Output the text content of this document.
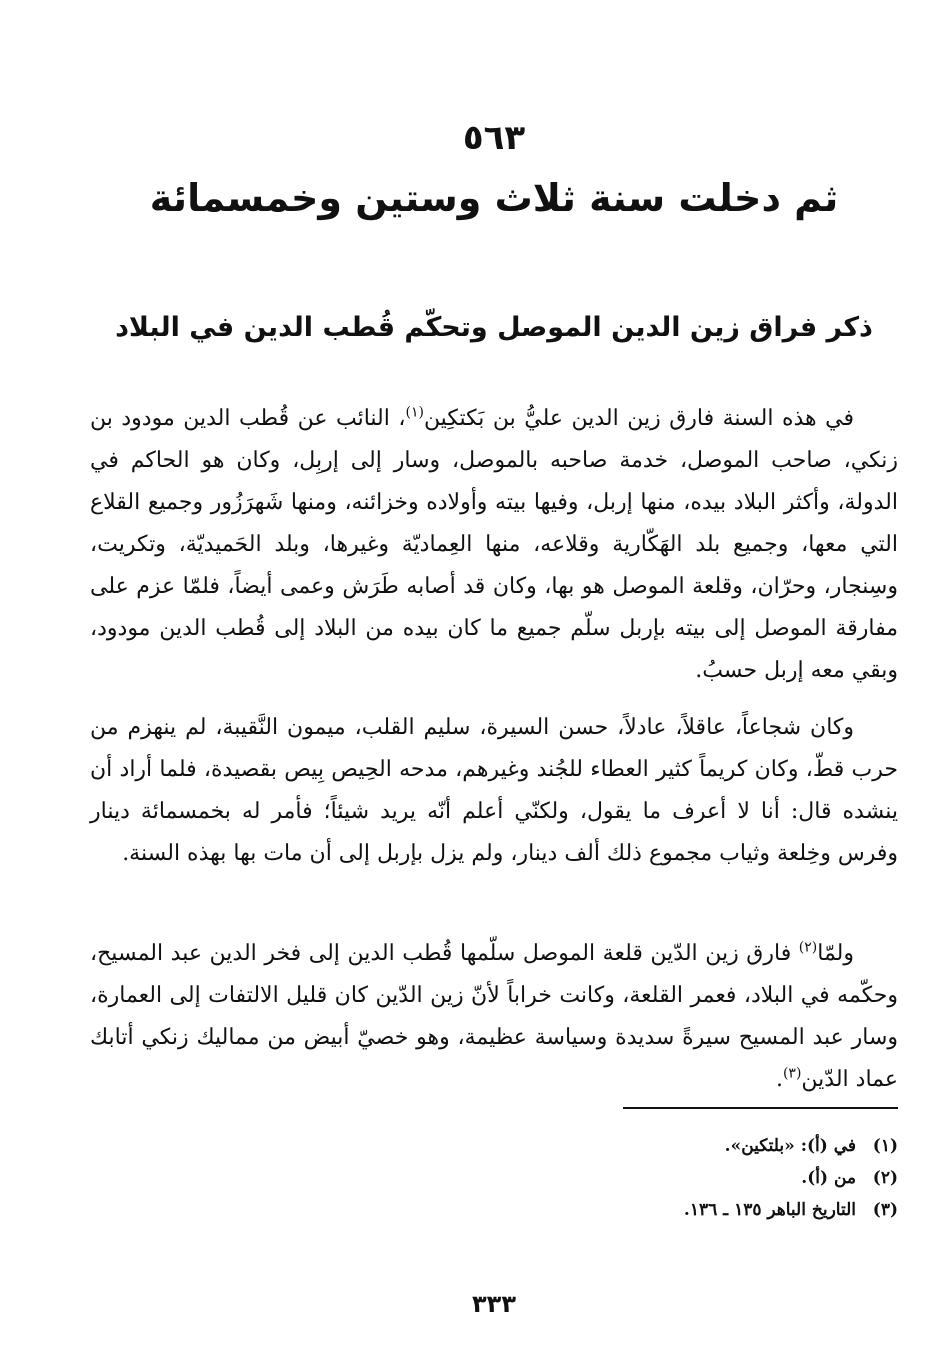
٥٦٣
ثم دخلت سنة ثلاث وستين وخمسمائة
ذكر فراق زين الدين الموصل وتحكّم قُطب الدين في البلاد

في هذه السنة فارق زين الدين عليُّ بن بَكتكِين$^{(١)}$، النائب عن قُطب الدين مودود بن زنكي، صاحب الموصل، خدمة صاحبه بالموصل، وسار إلى إربِل، وكان هو الحاكم في الدولة، وأكثر البلاد بيده، منها إربل، وفيها بيته وأولاده وخزائنه، ومنها شَهرَزُور وجميع القلاع التي معها، وجميع بلد الهَكّارية وقلاعه، منها العِماديّة وغيرها، وبلد الحَميديّة، وتكريت، وسِنجار، وحرّان، وقلعة الموصل هو بها، وكان قد أصابه طَرَش وعمى أيضاً، فلمّا عزم على مفارقة الموصل إلى بيته بإربل سلّم جميع ما كان بيده من البلاد إلى قُطب الدين مودود، وبقي معه إربل حسبُ.

وكان شجاعاً، عاقلاً، عادلاً، حسن السيرة، سليم القلب، ميمون النَّقيبة، لم ينهزم من حرب قطّ، وكان كريماً كثير العطاء للجُند وغيرهم، مدحه الحِيص بِيص بقصيدة، فلما أراد أن ينشده قال: أنا لا أعرف ما يقول، ولكنّي أعلم أنّه يريد شيئاً؛ فأمر له بخمسمائة دينار وفرس وخِلعة وثياب مجموع ذلك ألف دينار، ولم يزل بإربل إلى أن مات بها بهذه السنة.

ولمّا$^{(٢)}$ فارق زين الدّين قلعة الموصل سلّمها قُطب الدين إلى فخر الدين عبد المسيح، وحكّمه في البلاد، فعمر القلعة، وكانت خراباً لأنّ زين الدّين كان قليل الالتفات إلى العمارة، وسار عبد المسيح سيرةً سديدة وسياسة عظيمة، وهو خصيّ أبيض من مماليك زنكي أتابك عماد الدّين$^{(٣)}$.

(١)
في (أ): «بلتكين».
(٢)
من (أ).
(٣)
التاريخ الباهر ١٣٥ ـ ١٣٦.
٣٣٣
